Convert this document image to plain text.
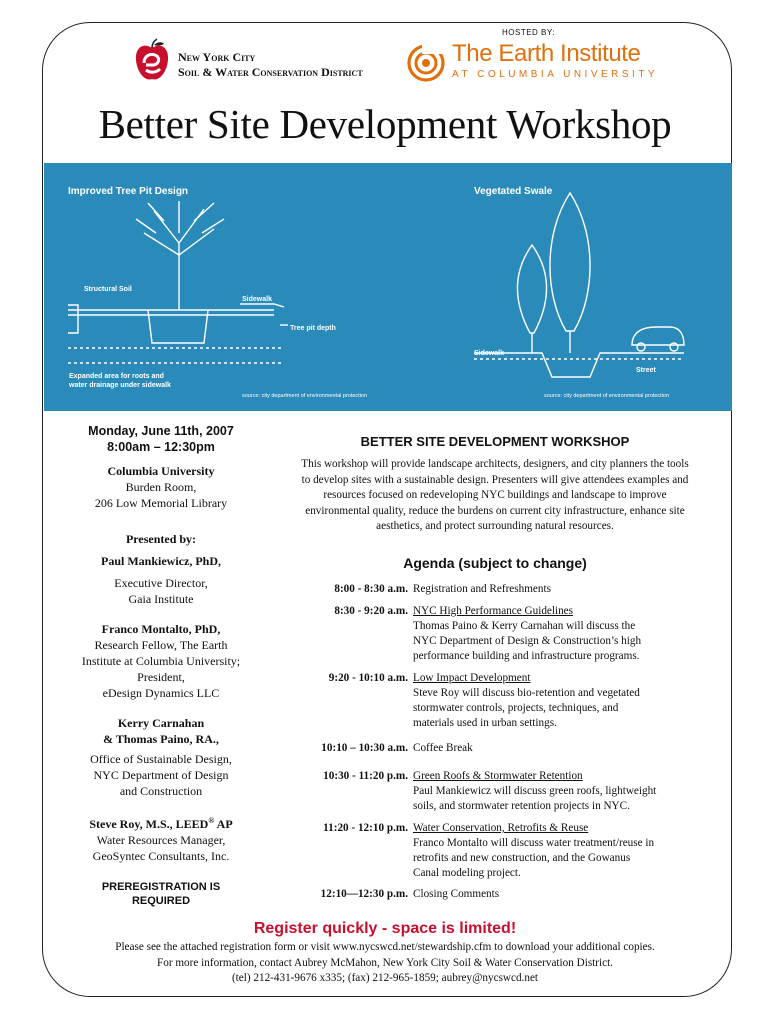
HOSTED BY:
New York City
Soil & Water Conservation District
The Earth Institute
AT COLUMBIA UNIVERSITY
Better Site Development Workshop
Improved Tree Pit Design	Vegetated Swale
Structural Soil
Sidewalk
Tree pit depth
Expanded area for roots and
water drainage under sidewalk
Sidewalk
Street
source: city department of environmental protection	source: city department of environmental protection
Monday, June 11th, 2007
8:00am – 12:30pm
Columbia University
Burden Room,
206 Low Memorial Library
Presented by:
Paul Mankiewicz, PhD,
Executive Director,
Gaia Institute
Franco Montalto, PhD,
Research Fellow, The Earth
Institute at Columbia University;
President,
eDesign Dynamics LLC
Kerry Carnahan
& Thomas Paino, RA.,
Office of Sustainable Design,
NYC Department of Design
and Construction
Steve Roy, M.S., LEED® AP
Water Resources Manager,
GeoSyntec Consultants, Inc.
PREREGISTRATION IS
REQUIRED
BETTER SITE DEVELOPMENT WORKSHOP
This workshop will provide landscape architects, designers, and city planners the tools
to develop sites with a sustainable design. Presenters will give attendees examples and
resources focused on redeveloping NYC buildings and landscape to improve
environmental quality, reduce the burdens on current city infrastructure, enhance site
aesthetics, and protect surrounding natural resources.
Agenda (subject to change)
8:00 - 8:30 a.m. Registration and Refreshments
8:30 - 9:20 a.m. NYC High Performance Guidelines
Thomas Paino & Kerry Carnahan will discuss the
NYC Department of Design & Construction’s high
performance building and infrastructure programs.
9:20 - 10:10 a.m. Low Impact Development
Steve Roy will discuss bio-retention and vegetated
stormwater controls, projects, techniques, and
materials used in urban settings.
10:10 – 10:30 a.m. Coffee Break
10:30 - 11:20 p.m. Green Roofs & Stormwater Retention
Paul Mankiewicz will discuss green roofs, lightweight
soils, and stormwater retention projects in NYC.
11:20 - 12:10 p.m. Water Conservation, Retrofits & Reuse
Franco Montalto will discuss water treatment/reuse in
retrofits and new construction, and the Gowanus
Canal modeling project.
12:10—12:30 p.m. Closing Comments
Register quickly - space is limited!
Please see the attached registration form or visit www.nycswcd.net/stewardship.cfm to download your additional copies.
For more information, contact Aubrey McMahon, New York City Soil & Water Conservation District.
(tel) 212-431-9676 x335; (fax) 212-965-1859; aubrey@nycswcd.net
